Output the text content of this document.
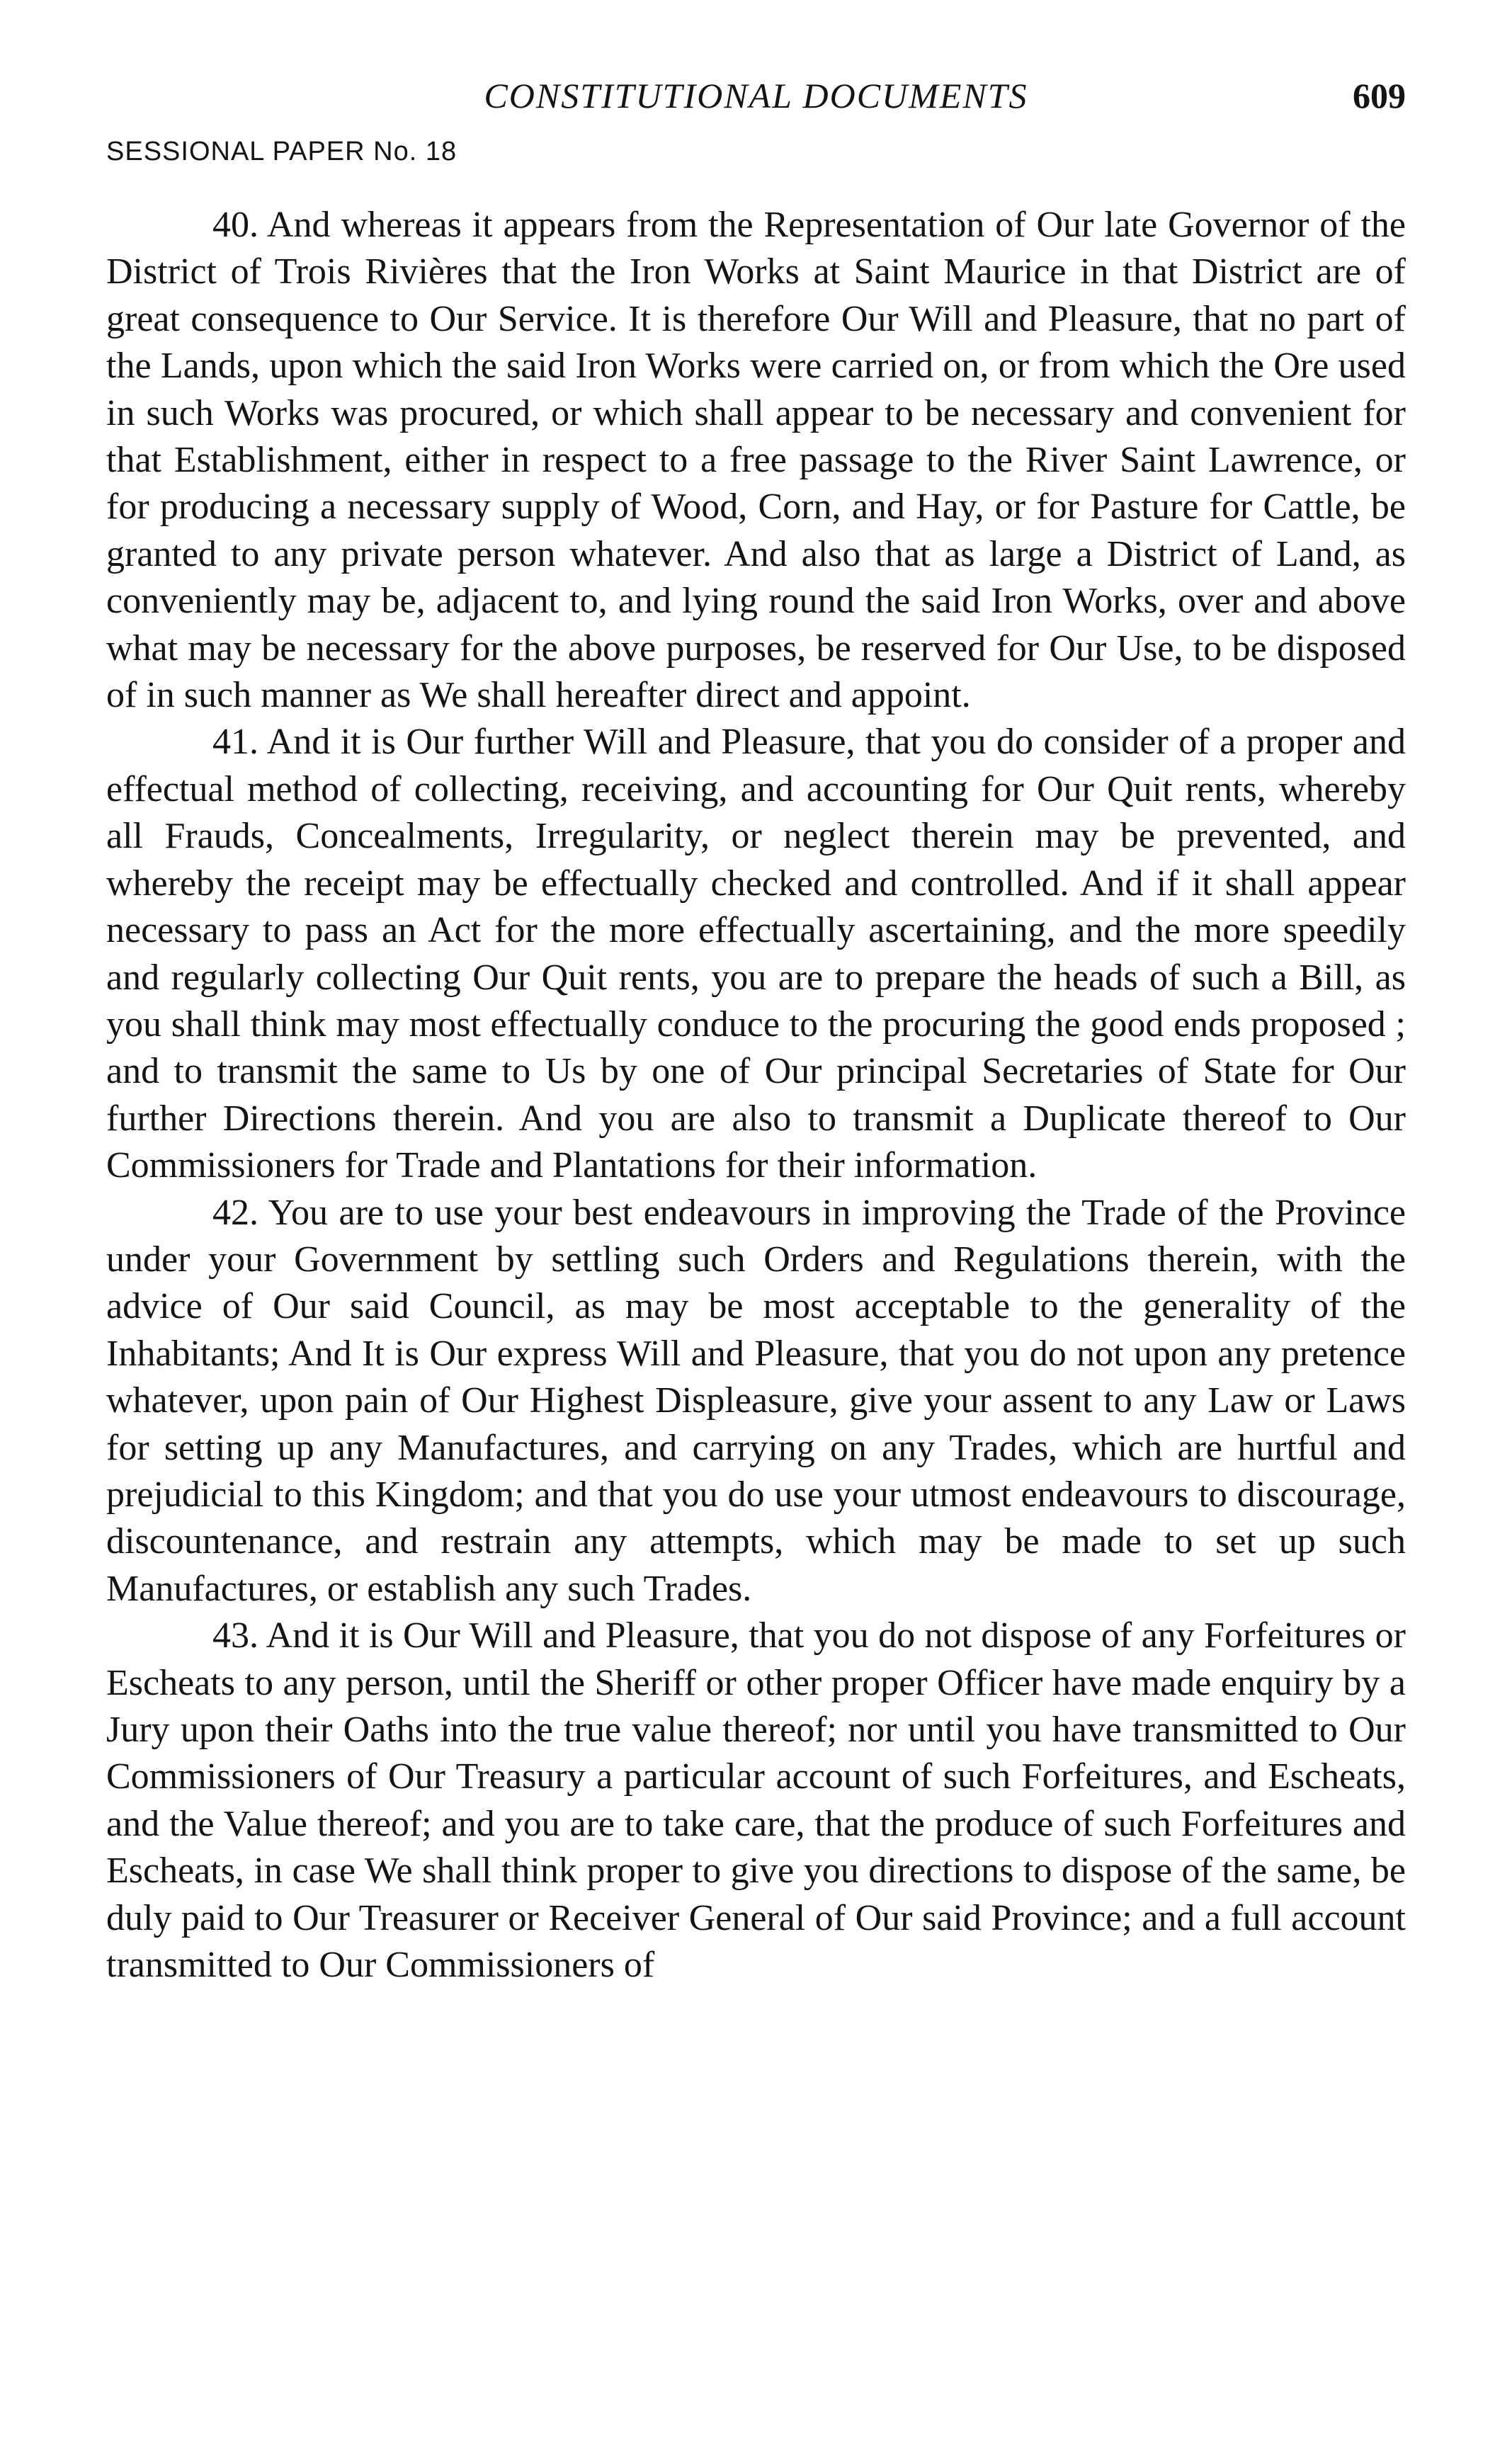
CONSTITUTIONAL DOCUMENTS	609
SESSIONAL PAPER No. 18

40. And whereas it appears from the Representation of Our late Governor of the District of Trois Rivières that the Iron Works at Saint Maurice in that District are of great consequence to Our Service. It is therefore Our Will and Pleasure, that no part of the Lands, upon which the said Iron Works were carried on, or from which the Ore used in such Works was procured, or which shall appear to be necessary and convenient for that Establishment, either in respect to a free passage to the River Saint Lawrence, or for producing a necessary supply of Wood, Corn, and Hay, or for Pasture for Cattle, be granted to any private person whatever. And also that as large a District of Land, as conveniently may be, adjacent to, and lying round the said Iron Works, over and above what may be necessary for the above purposes, be reserved for Our Use, to be disposed of in such manner as We shall hereafter direct and appoint.

41. And it is Our further Will and Pleasure, that you do consider of a proper and effectual method of collecting, receiving, and accounting for Our Quit rents, whereby all Frauds, Concealments, Irregularity, or neglect therein may be prevented, and whereby the receipt may be effectually checked and controlled. And if it shall appear necessary to pass an Act for the more effectually ascertaining, and the more speedily and regularly collecting Our Quit rents, you are to prepare the heads of such a Bill, as you shall think may most effectually conduce to the procuring the good ends proposed ; and to transmit the same to Us by one of Our principal Secretaries of State for Our further Directions therein. And you are also to transmit a Duplicate thereof to Our Commissioners for Trade and Plantations for their information.

42. You are to use your best endeavours in improving the Trade of the Province under your Government by settling such Orders and Regulations therein, with the advice of Our said Council, as may be most acceptable to the generality of the Inhabitants; And It is Our express Will and Pleasure, that you do not upon any pretence whatever, upon pain of Our Highest Displeasure, give your assent to any Law or Laws for setting up any Manufactures, and carrying on any Trades, which are hurtful and prejudicial to this Kingdom; and that you do use your utmost endeavours to discourage, discountenance, and restrain any attempts, which may be made to set up such Manufactures, or establish any such Trades.

43. And it is Our Will and Pleasure, that you do not dispose of any Forfeitures or Escheats to any person, until the Sheriff or other proper Officer have made enquiry by a Jury upon their Oaths into the true value thereof; nor until you have transmitted to Our Commissioners of Our Treasury a particular account of such Forfeitures, and Escheats, and the Value thereof; and you are to take care, that the produce of such Forfeitures and Escheats, in case We shall think proper to give you directions to dispose of the same, be duly paid to Our Treasurer or Receiver General of Our said Province; and a full account transmitted to Our Commissioners of
